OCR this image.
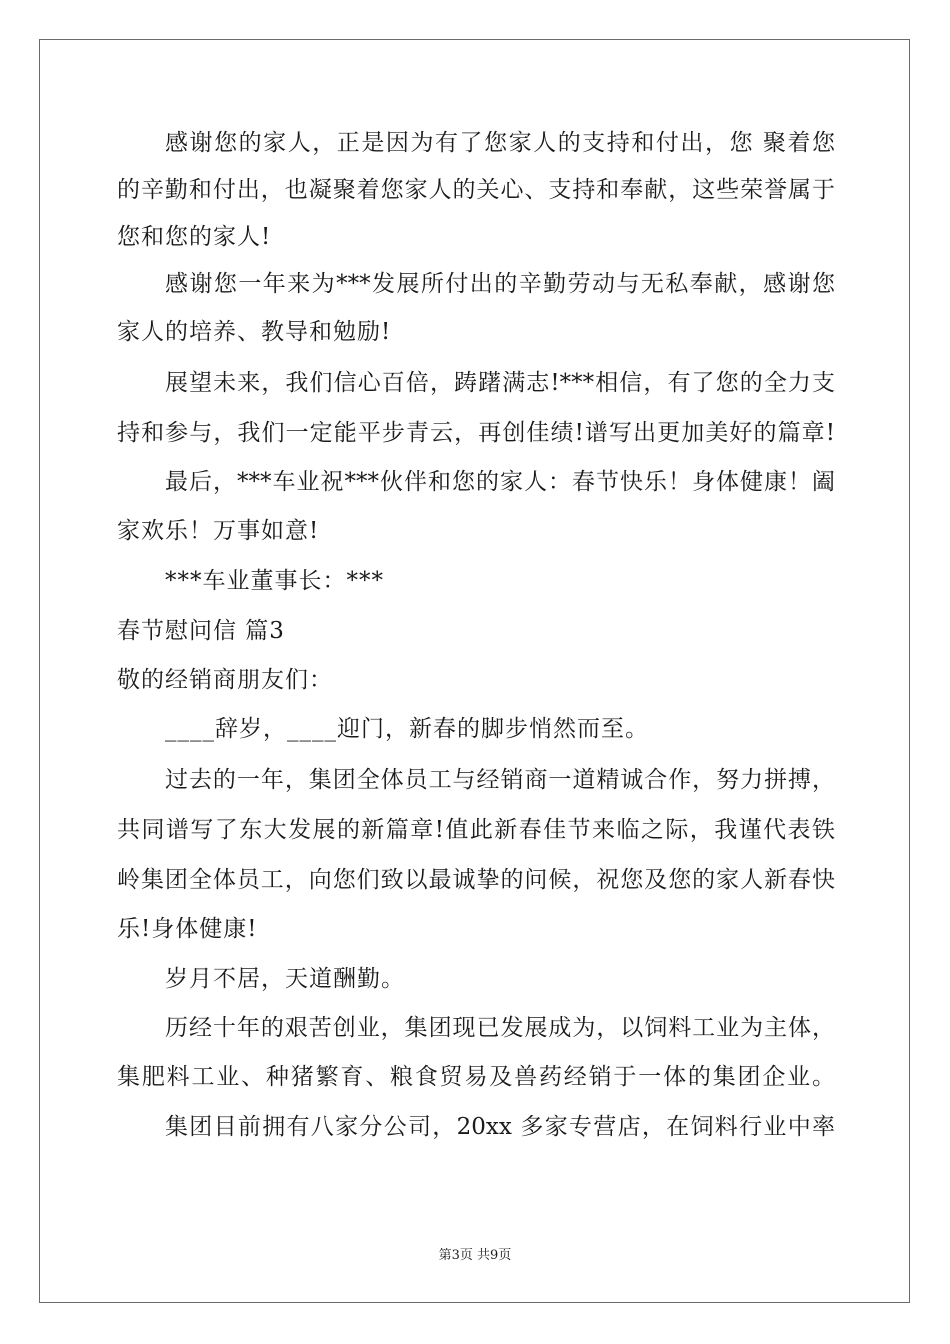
感谢您的家人，正是因为有了您家人的支持和付出，您 聚着您
的辛勤和付出，也凝聚着您家人的关心、支持和奉献，这些荣誉属于
您和您的家人!
感谢您一年来为***发展所付出的辛勤劳动与无私奉献，感谢您
家人的培养、教导和勉励!
展望未来，我们信心百倍，踌躇满志!***相信，有了您的全力支
持和参与，我们一定能平步青云，再创佳绩!谱写出更加美好的篇章!
最后，***车业祝***伙伴和您的家人：春节快乐！身体健康！阖
家欢乐！万事如意!
***车业董事长：***
春节慰问信 篇3
敬的经销商朋友们：
____辞岁，____迎门，新春的脚步悄然而至。
过去的一年，集团全体员工与经销商一道精诚合作，努力拼搏，
共同谱写了东大发展的新篇章!值此新春佳节来临之际，我谨代表铁
岭集团全体员工，向您们致以最诚挚的问候，祝您及您的家人新春快
乐!身体健康!
岁月不居，天道酬勤。
历经十年的艰苦创业，集团现已发展成为，以饲料工业为主体，
集肥料工业、种猪繁育、粮食贸易及兽药经销于一体的集团企业。
集团目前拥有八家分公司，20xx 多家专营店，在饲料行业中率
第3页 共9页
